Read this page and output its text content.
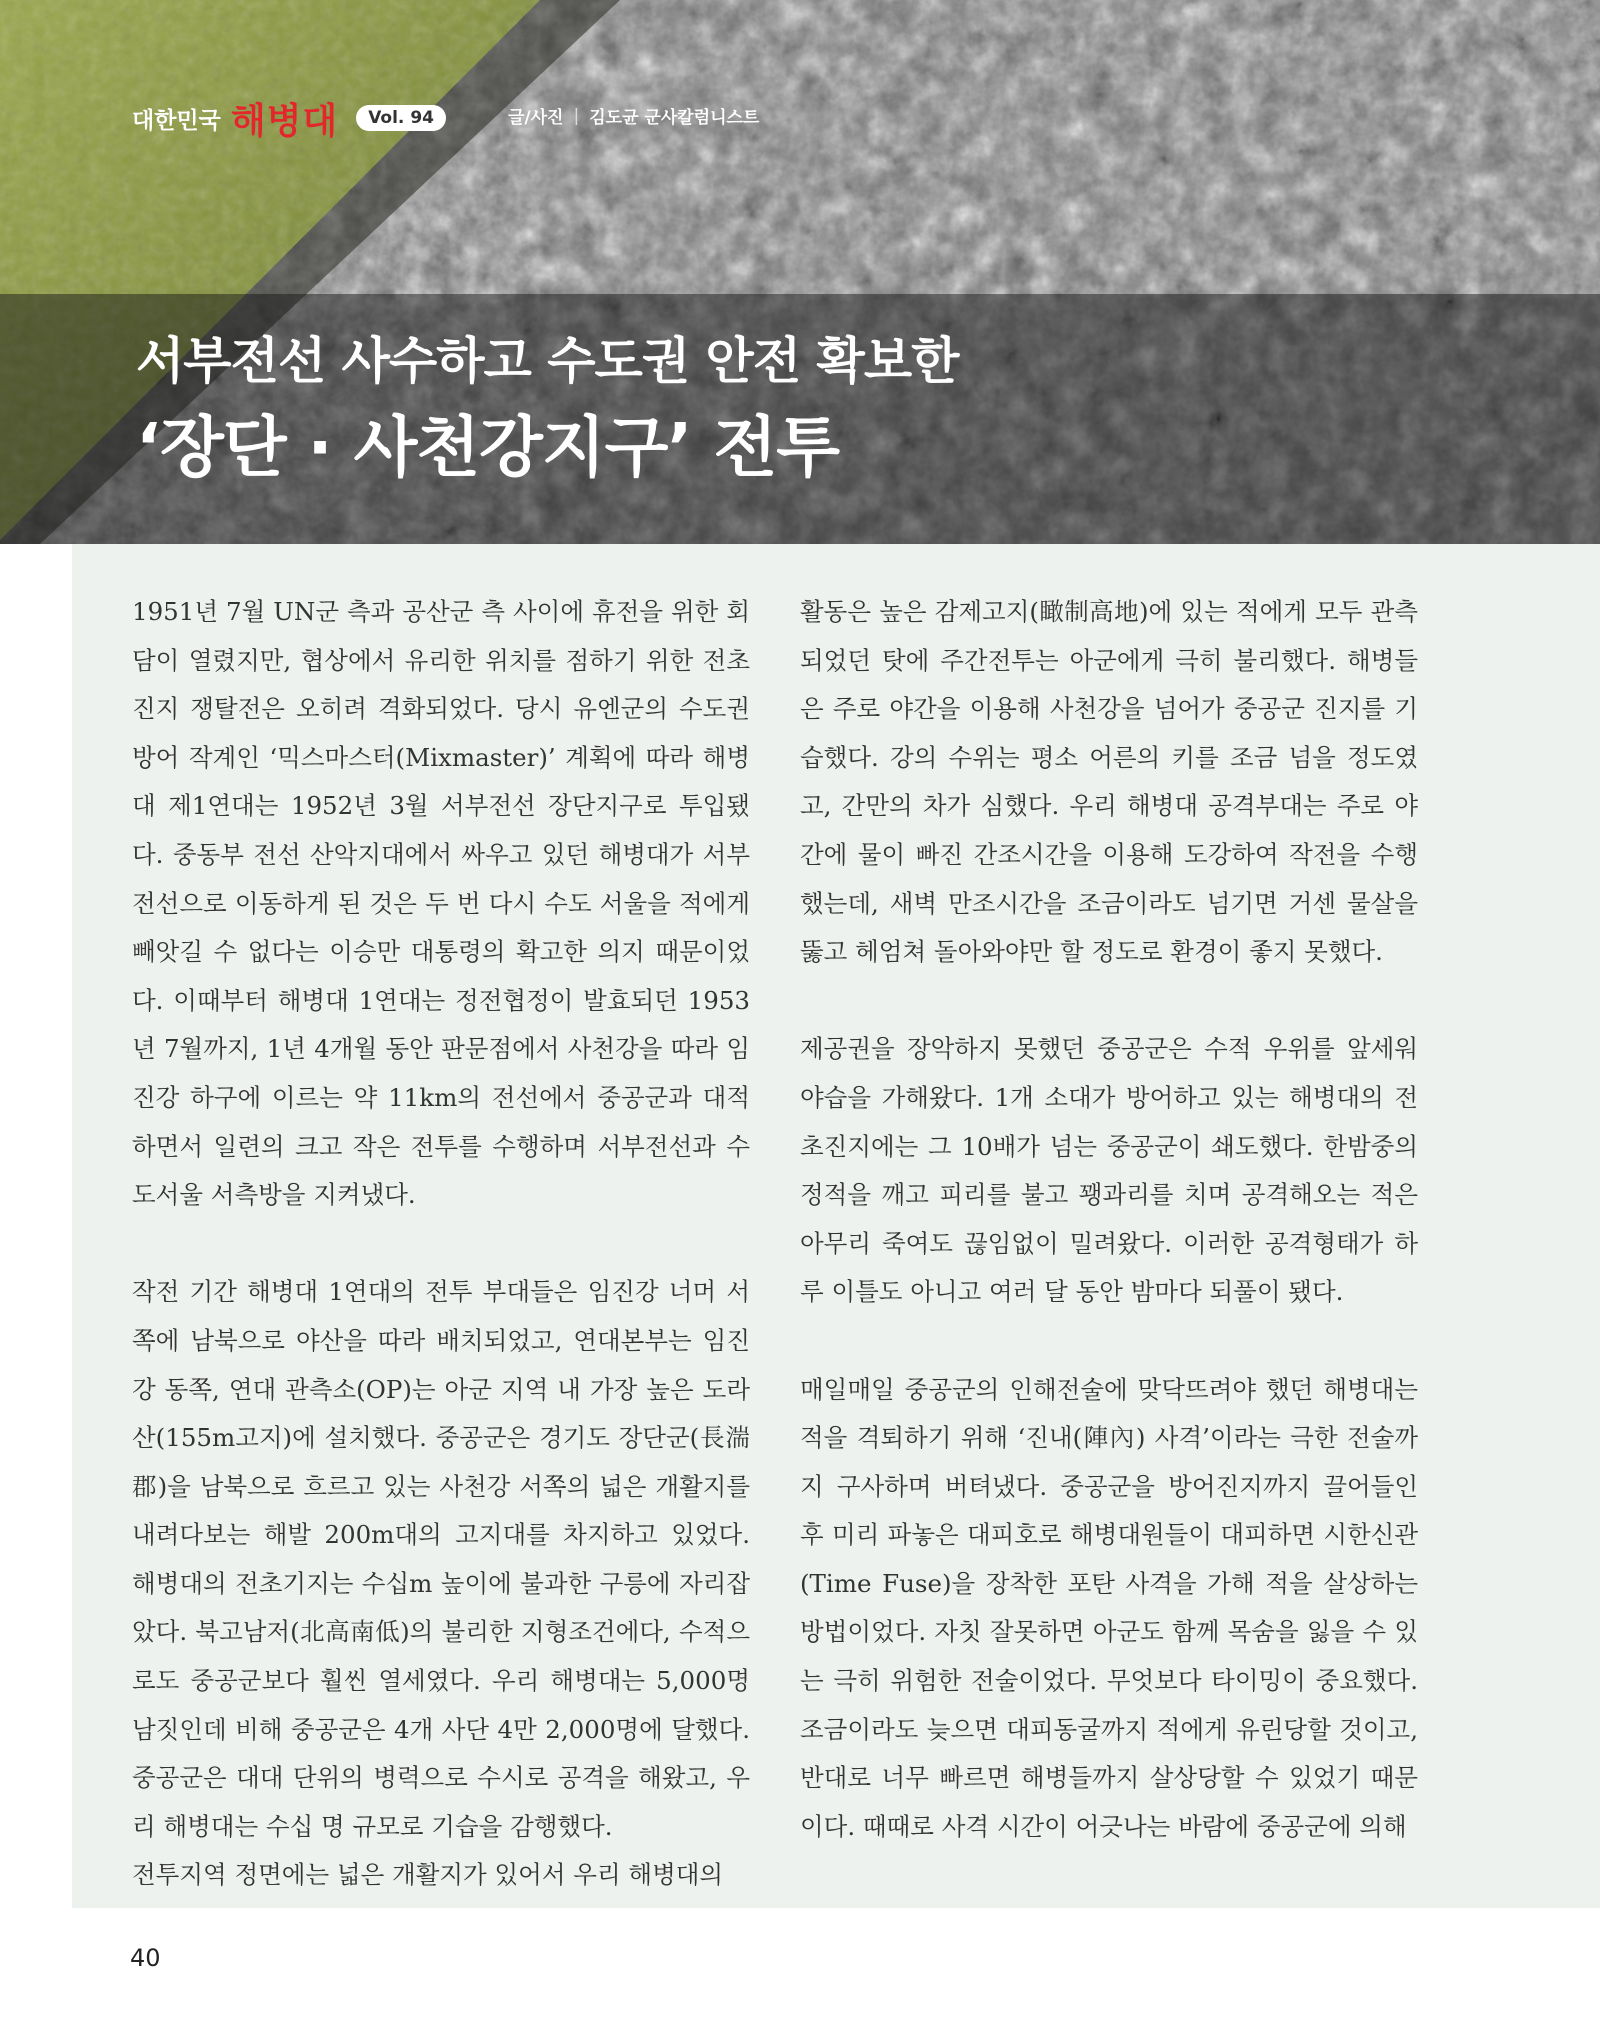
대한민국 해병대	Vol. 94	글/사진 | 김도균 군사칼럼니스트
서부전선 사수하고 수도권 안전 확보한
‘장단 · 사천강지구’ 전투

1951년 7월 UN군 측과 공산군 측 사이에 휴전을 위한 회담이 열렸지만, 협상에서 유리한 위치를 점하기 위한 전초 진지 쟁탈전은 오히려 격화되었다. 당시 유엔군의 수도권 방어 작계인 ‘믹스마스터(Mixmaster)’ 계획에 따라 해병대 제1연대는 1952년 3월 서부전선 장단지구로 투입됐다. 중동부 전선 산악지대에서 싸우고 있던 해병대가 서부전선으로 이동하게 된 것은 두 번 다시 수도 서울을 적에게 빼앗길 수 없다는 이승만 대통령의 확고한 의지 때문이었다. 이때부터 해병대 1연대는 정전협정이 발효되던 1953년 7월까지, 1년 4개월 동안 판문점에서 사천강을 따라 임진강 하구에 이르는 약 11km의 전선에서 중공군과 대적하면서 일련의 크고 작은 전투를 수행하며 서부전선과 수도서울 서측방을 지켜냈다.

작전 기간 해병대 1연대의 전투 부대들은 임진강 너머 서쪽에 남북으로 야산을 따라 배치되었고, 연대본부는 임진강 동쪽, 연대 관측소(OP)는 아군 지역 내 가장 높은 도라산(155m고지)에 설치했다. 중공군은 경기도 장단군(長湍郡)을 남북으로 흐르고 있는 사천강 서쪽의 넓은 개활지를 내려다보는 해발 200m대의 고지대를 차지하고 있었다. 해병대의 전초기지는 수십m 높이에 불과한 구릉에 자리잡았다. 북고남저(北高南低)의 불리한 지형조건에다, 수적으로도 중공군보다 훨씬 열세였다. 우리 해병대는 5,000명 남짓인데 비해 중공군은 4개 사단 4만 2,000명에 달했다. 중공군은 대대 단위의 병력으로 수시로 공격을 해왔고, 우리 해병대는 수십 명 규모로 기습을 감행했다.

전투지역 정면에는 넓은 개활지가 있어서 우리 해병대의

활동은 높은 감제고지(瞰制高地)에 있는 적에게 모두 관측되었던 탓에 주간전투는 아군에게 극히 불리했다. 해병들은 주로 야간을 이용해 사천강을 넘어가 중공군 진지를 기습했다. 강의 수위는 평소 어른의 키를 조금 넘을 정도였고, 간만의 차가 심했다. 우리 해병대 공격부대는 주로 야간에 물이 빠진 간조시간을 이용해 도강하여 작전을 수행했는데, 새벽 만조시간을 조금이라도 넘기면 거센 물살을 뚫고 헤엄쳐 돌아와야만 할 정도로 환경이 좋지 못했다.

제공권을 장악하지 못했던 중공군은 수적 우위를 앞세워 야습을 가해왔다. 1개 소대가 방어하고 있는 해병대의 전초진지에는 그 10배가 넘는 중공군이 쇄도했다. 한밤중의 정적을 깨고 피리를 불고 꽹과리를 치며 공격해오는 적은 아무리 죽여도 끊임없이 밀려왔다. 이러한 공격형태가 하루 이틀도 아니고 여러 달 동안 밤마다 되풀이 됐다.

매일매일 중공군의 인해전술에 맞닥뜨려야 했던 해병대는 적을 격퇴하기 위해 ‘진내(陣內) 사격’이라는 극한 전술까지 구사하며 버텨냈다. 중공군을 방어진지까지 끌어들인 후 미리 파놓은 대피호로 해병대원들이 대피하면 시한신관(Time Fuse)을 장착한 포탄 사격을 가해 적을 살상하는 방법이었다. 자칫 잘못하면 아군도 함께 목숨을 잃을 수 있는 극히 위험한 전술이었다. 무엇보다 타이밍이 중요했다. 조금이라도 늦으면 대피동굴까지 적에게 유린당할 것이고, 반대로 너무 빠르면 해병들까지 살상당할 수 있었기 때문이다. 때때로 사격 시간이 어긋나는 바람에 중공군에 의해

40
